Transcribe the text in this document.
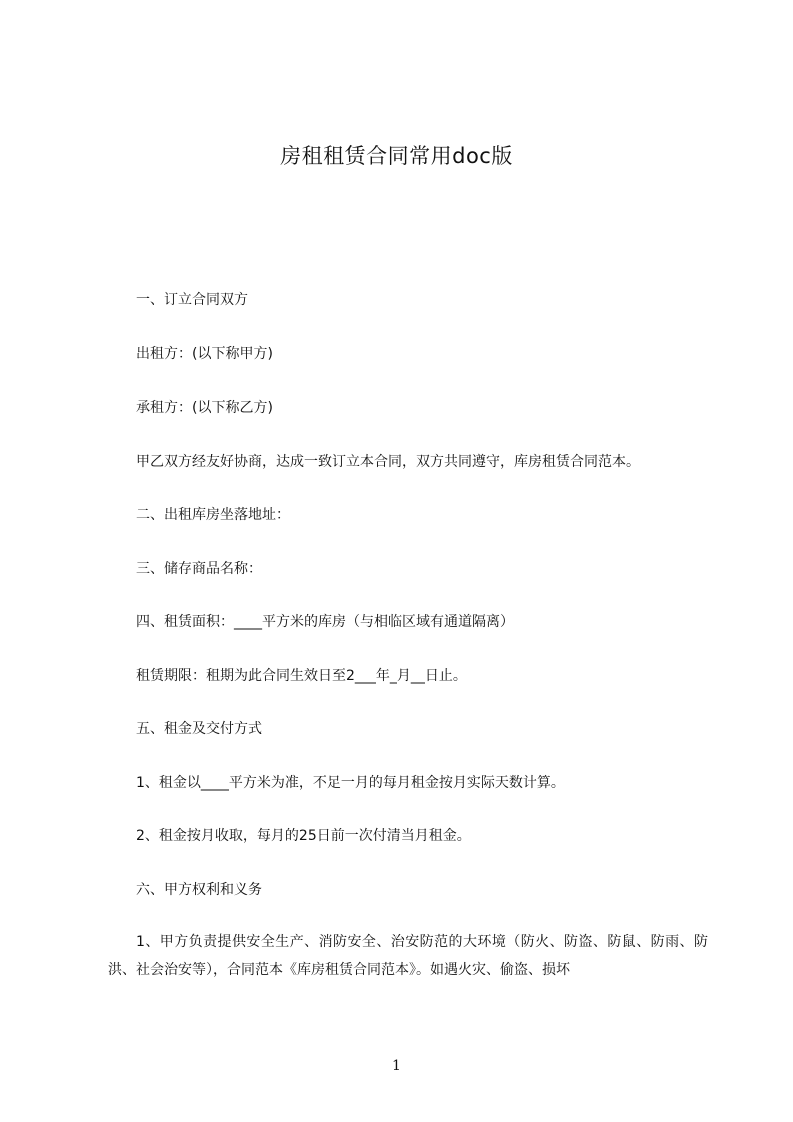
房租租赁合同常用doc版
一、订立合同双方
出租方：(以下称甲方)
承租方：(以下称乙方)
甲乙双方经友好协商，达成一致订立本合同，双方共同遵守，库房租赁合同范本。
二、出租库房坐落地址：
三、储存商品名称：
四、租赁面积：____平方米的库房（与相临区域有通道隔离）
租赁期限：租期为此合同生效日至2___年_月__日止。
五、租金及交付方式
1、租金以____平方米为准，不足一月的每月租金按月实际天数计算。
2、租金按月收取，每月的25日前一次付清当月租金。
六、甲方权利和义务
1、甲方负责提供安全生产、消防安全、治安防范的大环境（防火、防盗、防鼠、防雨、防洪、社会治安等），合同范本《库房租赁合同范本》。如遇火灾、偷盗、损坏
1
